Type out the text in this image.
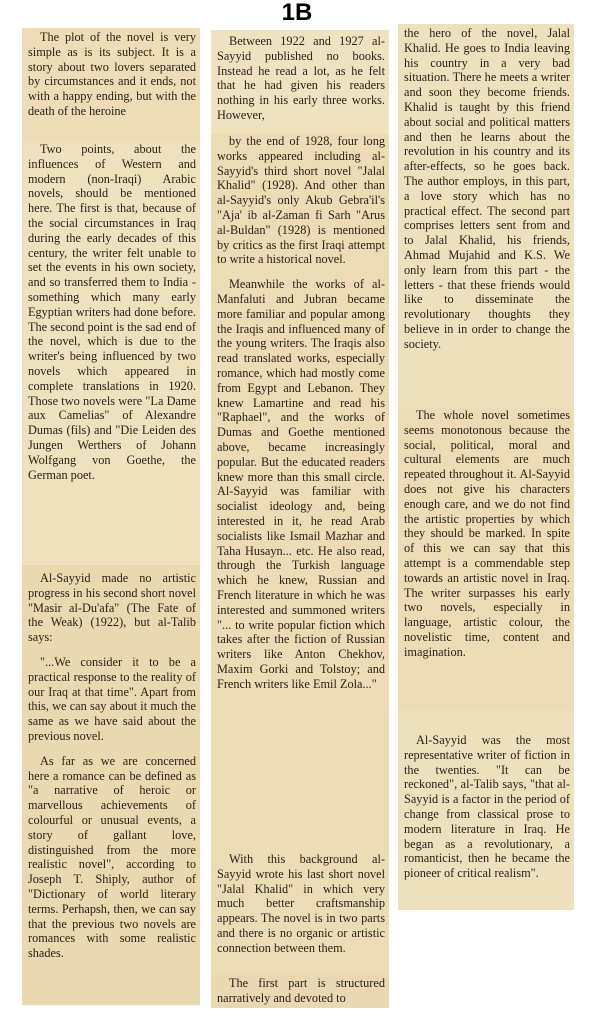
1B

The plot of the novel is very simple as is its subject. It is a story about two lovers separated by circumstances and it ends, not with a happy ending, but with the death of the heroine

Two points, about the influences of Western and modern (non-Iraqi) Arabic novels, should be mentioned here. The first is that, because of the social circumstances in Iraq during the early decades of this century, the writer felt unable to set the events in his own society, and so transferred them to India - something which many early Egyptian writers had done before. The second point is the sad end of the novel, which is due to the writer's being influenced by two novels which appeared in complete translations in 1920. Those two novels were "La Dame aux Camelias" of Alexandre Dumas (fils) and "Die Leiden des Jungen Werthers of Johann Wolfgang von Goethe, the German poet.

Al-Sayyid made no artistic progress in his second short novel "Masir al-Du'afa" (The Fate of the Weak) (1922), but al-Talib says:

"...We consider it to be a practical response to the reality of our Iraq at that time". Apart from this, we can say about it much the same as we have said about the previous novel.

As far as we are concerned here a romance can be defined as "a narrative of heroic or marvellous achievements of colourful or unusual events, a story of gallant love, distinguished from the more realistic novel", according to Joseph T. Shiply, author of "Dictionary of world literary terms. Perhapsh, then, we can say that the previous two novels are romances with some realistic shades.

Between 1922 and 1927 al-Sayyid published no books. Instead he read a lot, as he felt that he had given his readers nothing in his early three works. However,

by the end of 1928, four long works appeared including al-Sayyid's third short novel "Jalal Khalid" (1928). And other than al-Sayyid's only Akub Gebra'il's "Aja' ib al-Zaman fi Sarh "Arus al-Buldan" (1928) is mentioned by critics as the first Iraqi attempt to write a historical novel.

Meanwhile the works of al-Manfaluti and Jubran became more familiar and popular among the Iraqis and influenced many of the young writers. The Iraqis also read translated works, especially romance, which had mostly come from Egypt and Lebanon. They knew Lamartine and read his "Raphael", and the works of Dumas and Goethe mentioned above, became increasingly popular. But the educated readers knew more than this small circle. Al-Sayyid was familiar with socialist ideology and, being interested in it, he read Arab socialists like Ismail Mazhar and Taha Husayn... etc. He also read, through the Turkish language which he knew, Russian and French literature in which he was interested and summoned writers "... to write popular fiction which takes after the fiction of Russian writers like Anton Chekhov, Maxim Gorki and Tolstoy; and French writers like Emil Zola..."

With this background al-Sayyid wrote his last short novel "Jalal Khalid" in which very much better craftsmanship appears. The novel is in two parts and there is no organic or artistic connection between them.

The first part is structured narratively and devoted to

the hero of the novel, Jalal Khalid. He goes to India leaving his country in a very bad situation. There he meets a writer and soon they become friends. Khalid is taught by this friend about social and political matters and then he learns about the revolution in his country and its after-effects, so he goes back. The author employs, in this part, a love story which has no practical effect. The second part comprises letters sent from and to Jalal Khalid, his friends, Ahmad Mujahid and K.S. We only learn from this part - the letters - that these friends would like to disseminate the revolutionary thoughts they believe in in order to change the society.

The whole novel sometimes seems monotonous because the social, political, moral and cultural elements are much repeated throughout it. Al-Sayyid does not give his characters enough care, and we do not find the artistic properties by which they should be marked. In spite of this we can say that this attempt is a commendable step towards an artistic novel in Iraq. The writer surpasses his early two novels, especially in language, artistic colour, the novelistic time, content and imagination.

Al-Sayyid was the most representative writer of fiction in the twenties. "It can be reckoned", al-Talib says, "that al-Sayyid is a factor in the period of change from classical prose to modern literature in Iraq. He began as a revolutionary, a romanticist, then he became the pioneer of critical realism".
